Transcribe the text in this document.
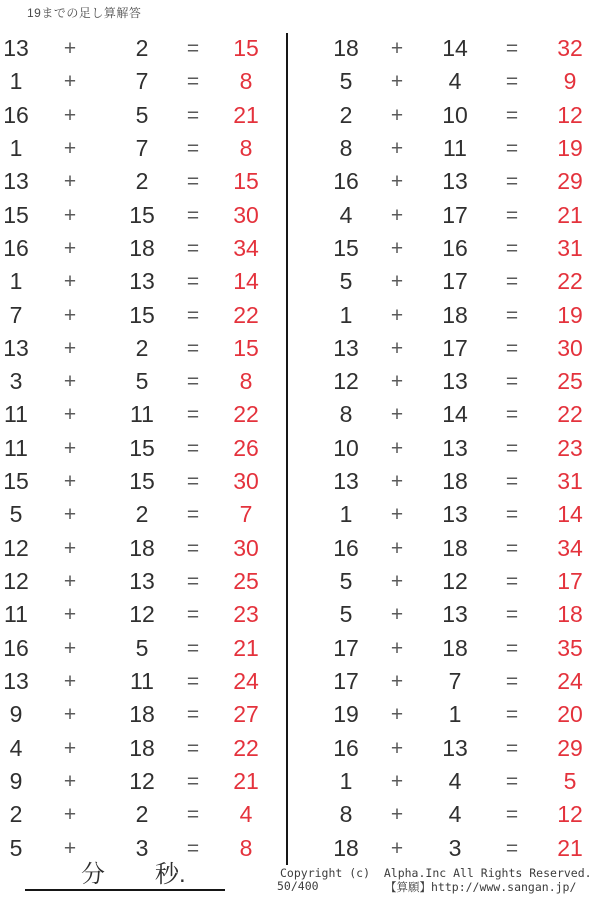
19までの足し算解答
13	+	2	=	15
1	+	7	=	8
16	+	5	=	21
1	+	7	=	8
13	+	2	=	15
15	+	15	=	30
16	+	18	=	34
1	+	13	=	14
7	+	15	=	22
13	+	2	=	15
3	+	5	=	8
11	+	11	=	22
11	+	15	=	26
15	+	15	=	30
5	+	2	=	7
12	+	18	=	30
12	+	13	=	25
11	+	12	=	23
16	+	5	=	21
13	+	11	=	24
9	+	18	=	27
4	+	18	=	22
9	+	12	=	21
2	+	2	=	4
5	+	3	=	8
18	+	14	=	32
5	+	4	=	9
2	+	10	=	12
8	+	11	=	19
16	+	13	=	29
4	+	17	=	21
15	+	16	=	31
5	+	17	=	22
1	+	18	=	19
13	+	17	=	30
12	+	13	=	25
8	+	14	=	22
10	+	13	=	23
13	+	18	=	31
1	+	13	=	14
16	+	18	=	34
5	+	12	=	17
5	+	13	=	18
17	+	18	=	35
17	+	7	=	24
19	+	1	=	20
16	+	13	=	29
1	+	4	=	5
8	+	4	=	12
18	+	3	=	21
分 秒.	Copyright (c)  Alpha.Inc All Rights Reserved.
50/400	【算願】http://www.sangan.jp/
